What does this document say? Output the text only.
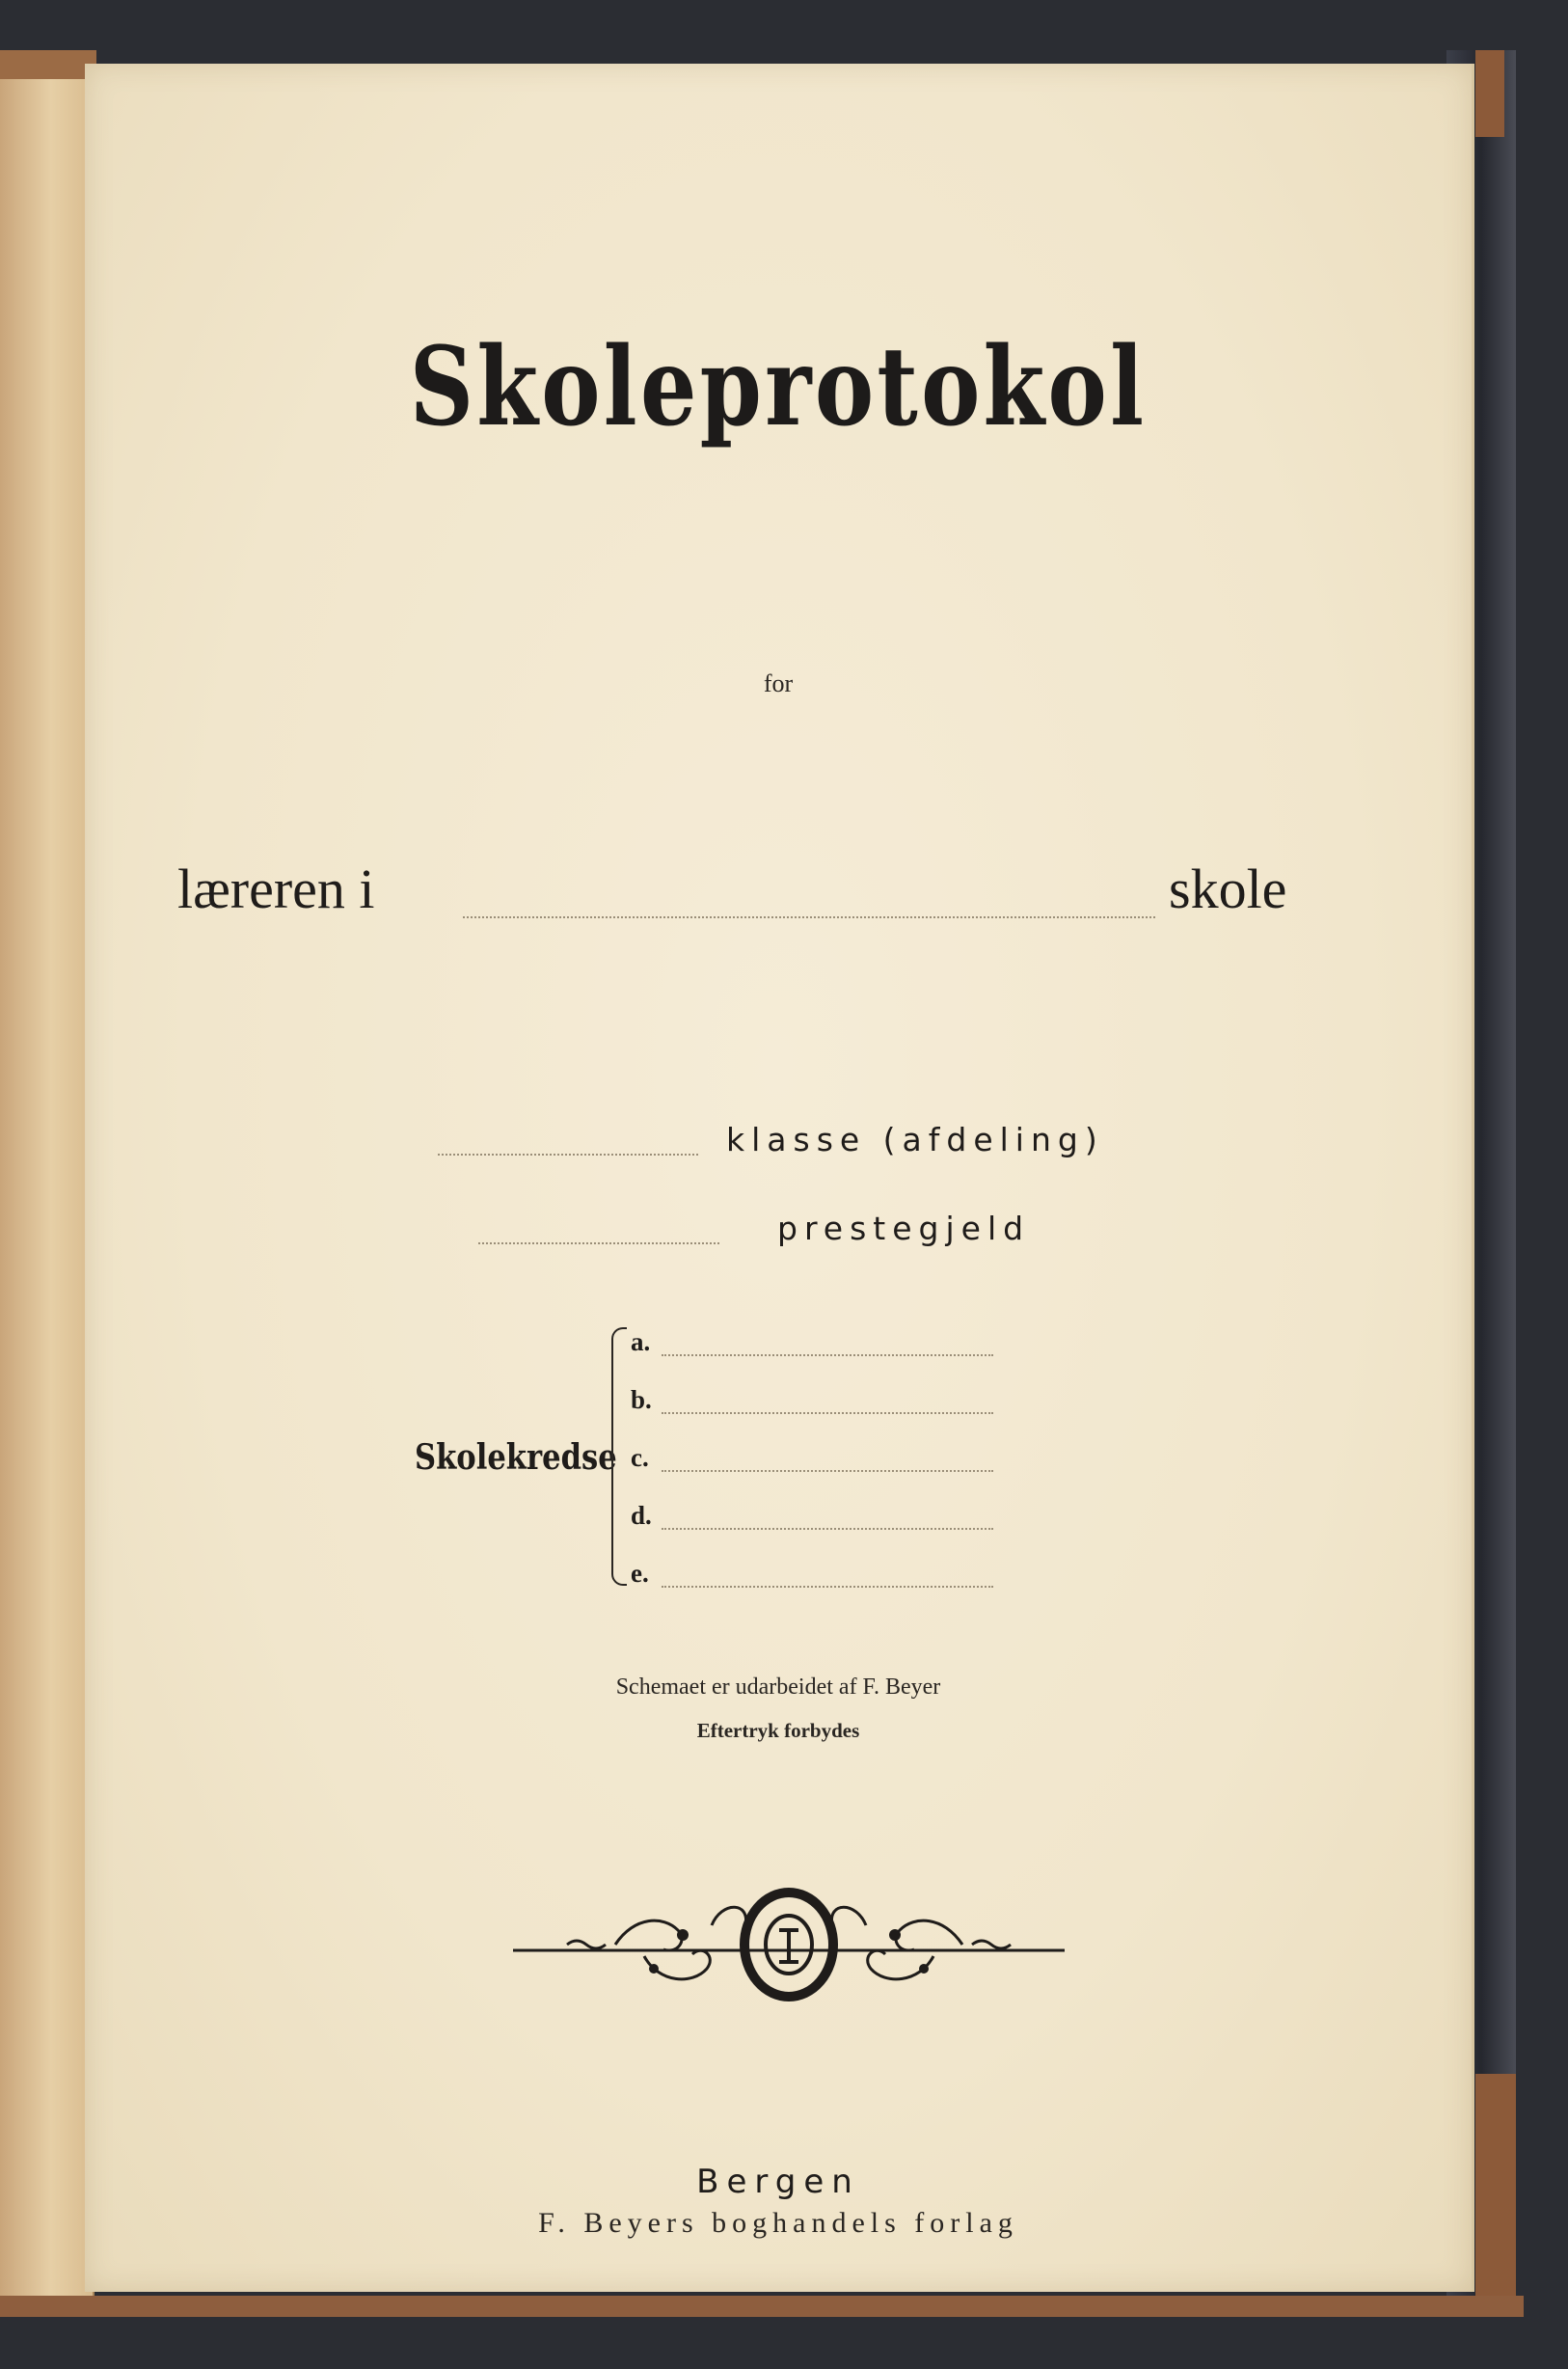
Skoleprotokol
for
læreren i	skole
klasse (afdeling)
prestegjeld
Skolekredse
a.
b.
c.
d.
e.
Schemaet er udarbeidet af F. Beyer
Eftertryk forbydes
Bergen
F. Beyers boghandels forlag
